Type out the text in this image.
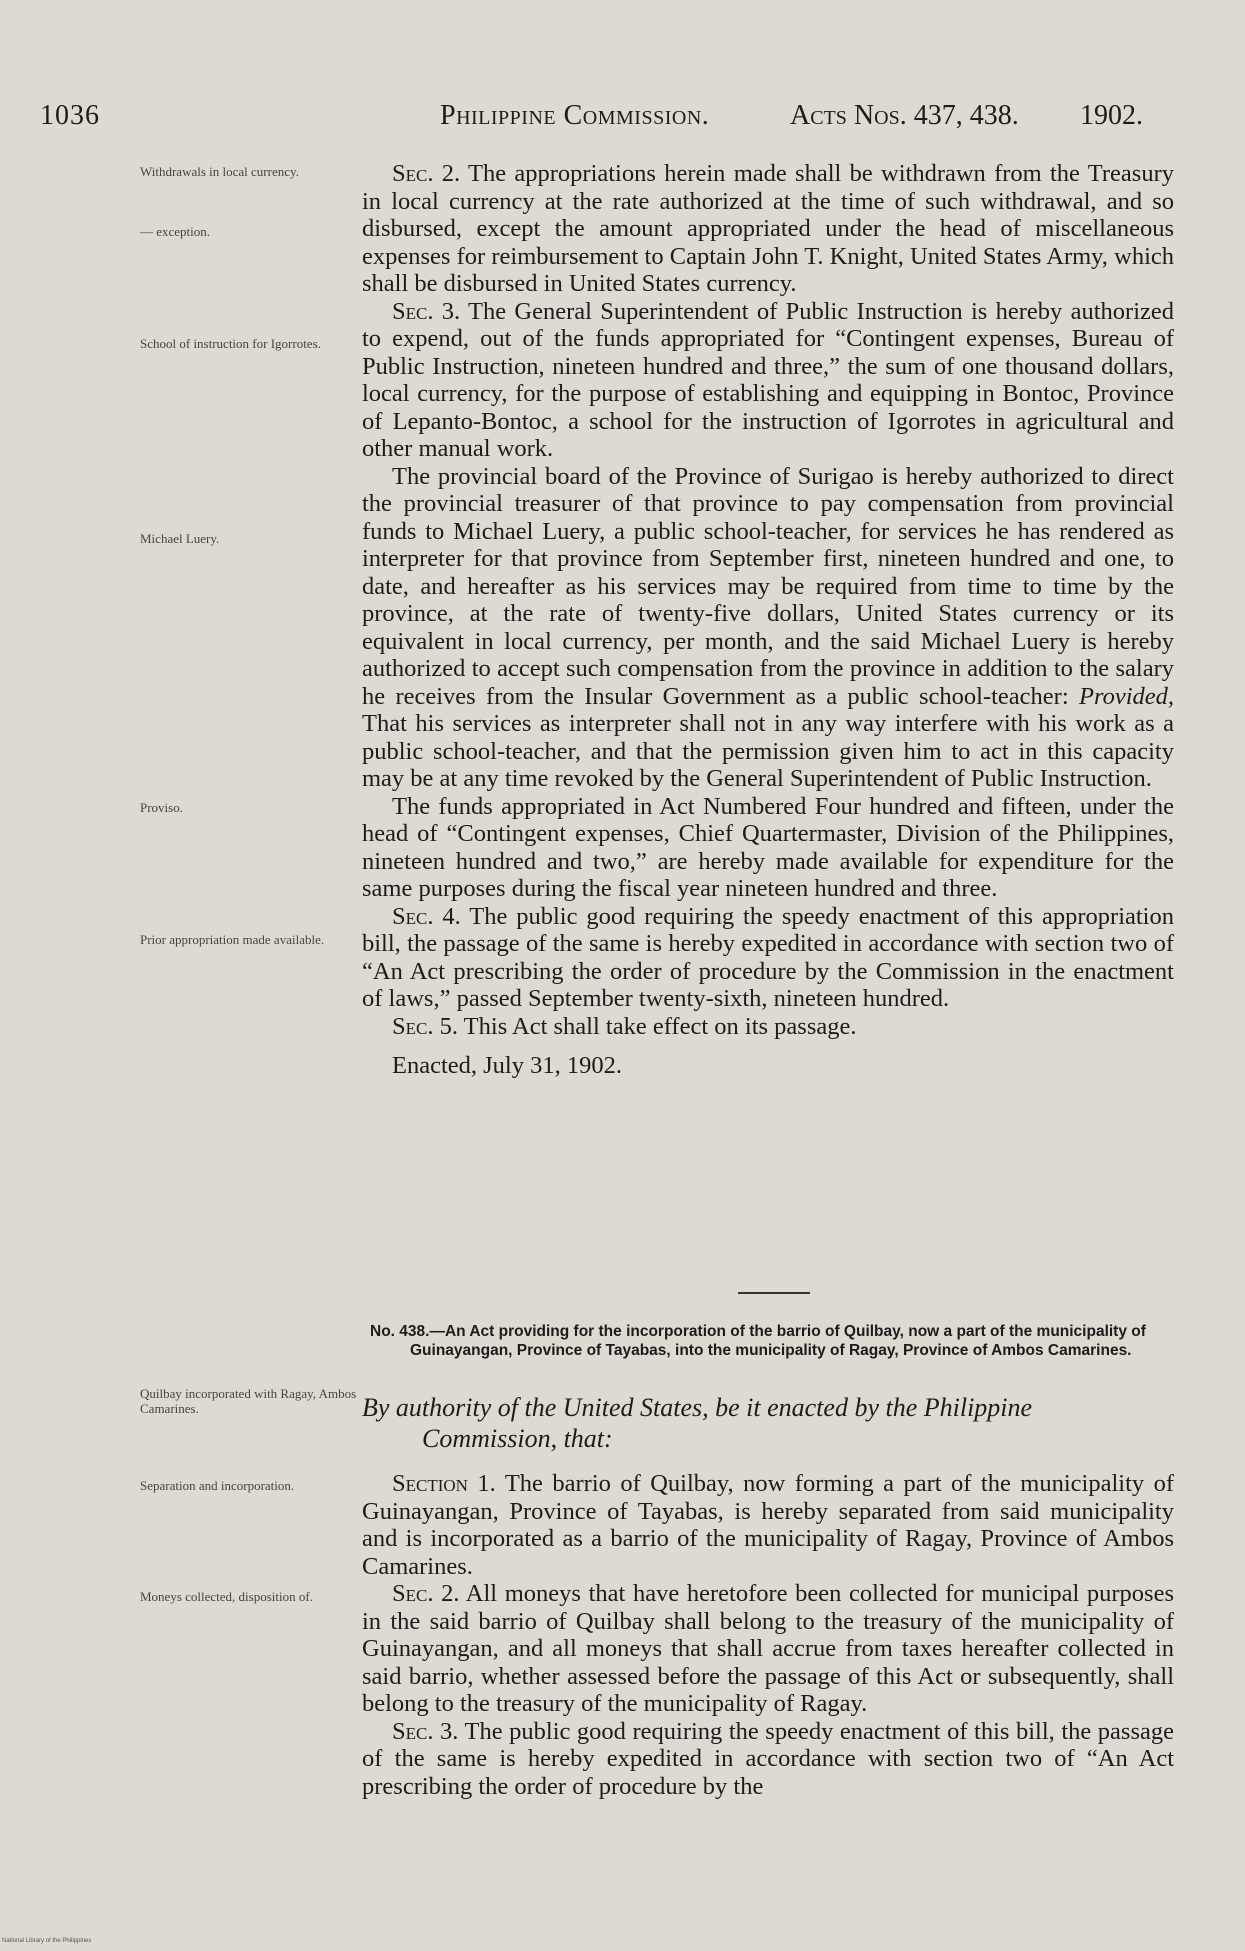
1036	Philippine Commission.	Acts Nos. 437, 438. 1902.
Withdrawals in local currency.
— exception.
School of instruction for Igorrotes.
Michael Luery.
Proviso.
Prior appropriation made available.
Quilbay incorporated with Ragay, Ambos Camarines.
Separation and incorporation.
Moneys collected, disposition of.

Sec. 2. The appropriations herein made shall be withdrawn from the Treasury in local currency at the rate authorized at the time of such withdrawal, and so disbursed, except the amount appropriated under the head of miscellaneous expenses for reimbursement to Captain John T. Knight, United States Army, which shall be disbursed in United States currency.

Sec. 3. The General Superintendent of Public Instruction is hereby authorized to expend, out of the funds appropriated for “Contingent expenses, Bureau of Public Instruction, nineteen hundred and three,” the sum of one thousand dollars, local currency, for the purpose of establishing and equipping in Bontoc, Province of Lepanto-Bontoc, a school for the instruction of Igorrotes in agricultural and other manual work.

The provincial board of the Province of Surigao is hereby authorized to direct the provincial treasurer of that province to pay compensation from provincial funds to Michael Luery, a public school-teacher, for services he has rendered as interpreter for that province from September first, nineteen hundred and one, to date, and hereafter as his services may be required from time to time by the province, at the rate of twenty-five dollars, United States currency or its equivalent in local currency, per month, and the said Michael Luery is hereby authorized to accept such compensation from the province in addition to the salary he receives from the Insular Government as a public school-teacher: Provided, That his services as interpreter shall not in any way interfere with his work as a public school-teacher, and that the permission given him to act in this capacity may be at any time revoked by the General Superintendent of Public Instruction.

The funds appropriated in Act Numbered Four hundred and fifteen, under the head of “Contingent expenses, Chief Quartermaster, Division of the Philippines, nineteen hundred and two,” are hereby made available for expenditure for the same purposes during the fiscal year nineteen hundred and three.

Sec. 4. The public good requiring the speedy enactment of this appropriation bill, the passage of the same is hereby expedited in accordance with section two of “An Act prescribing the order of procedure by the Commission in the enactment of laws,” passed September twenty-sixth, nineteen hundred.

Sec. 5. This Act shall take effect on its passage.

Enacted, July 31, 1902.

No. 438.—An Act providing for the incorporation of the barrio of Quilbay, now a part of the municipality of Guinayangan, Province of Tayabas, into the municipality of Ragay, Province of Ambos Camarines.
By authority of the United States, be it enacted by the Philippine
Commission, that:

Section 1. The barrio of Quilbay, now forming a part of the municipality of Guinayangan, Province of Tayabas, is hereby separated from said municipality and is incorporated as a barrio of the municipality of Ragay, Province of Ambos Camarines.

Sec. 2. All moneys that have heretofore been collected for municipal purposes in the said barrio of Quilbay shall belong to the treasury of the municipality of Guinayangan, and all moneys that shall accrue from taxes hereafter collected in said barrio, whether assessed before the passage of this Act or subsequently, shall belong to the treasury of the municipality of Ragay.

Sec. 3. The public good requiring the speedy enactment of this bill, the passage of the same is hereby expedited in accordance with section two of “An Act prescribing the order of procedure by the

National Library of the Philippines
